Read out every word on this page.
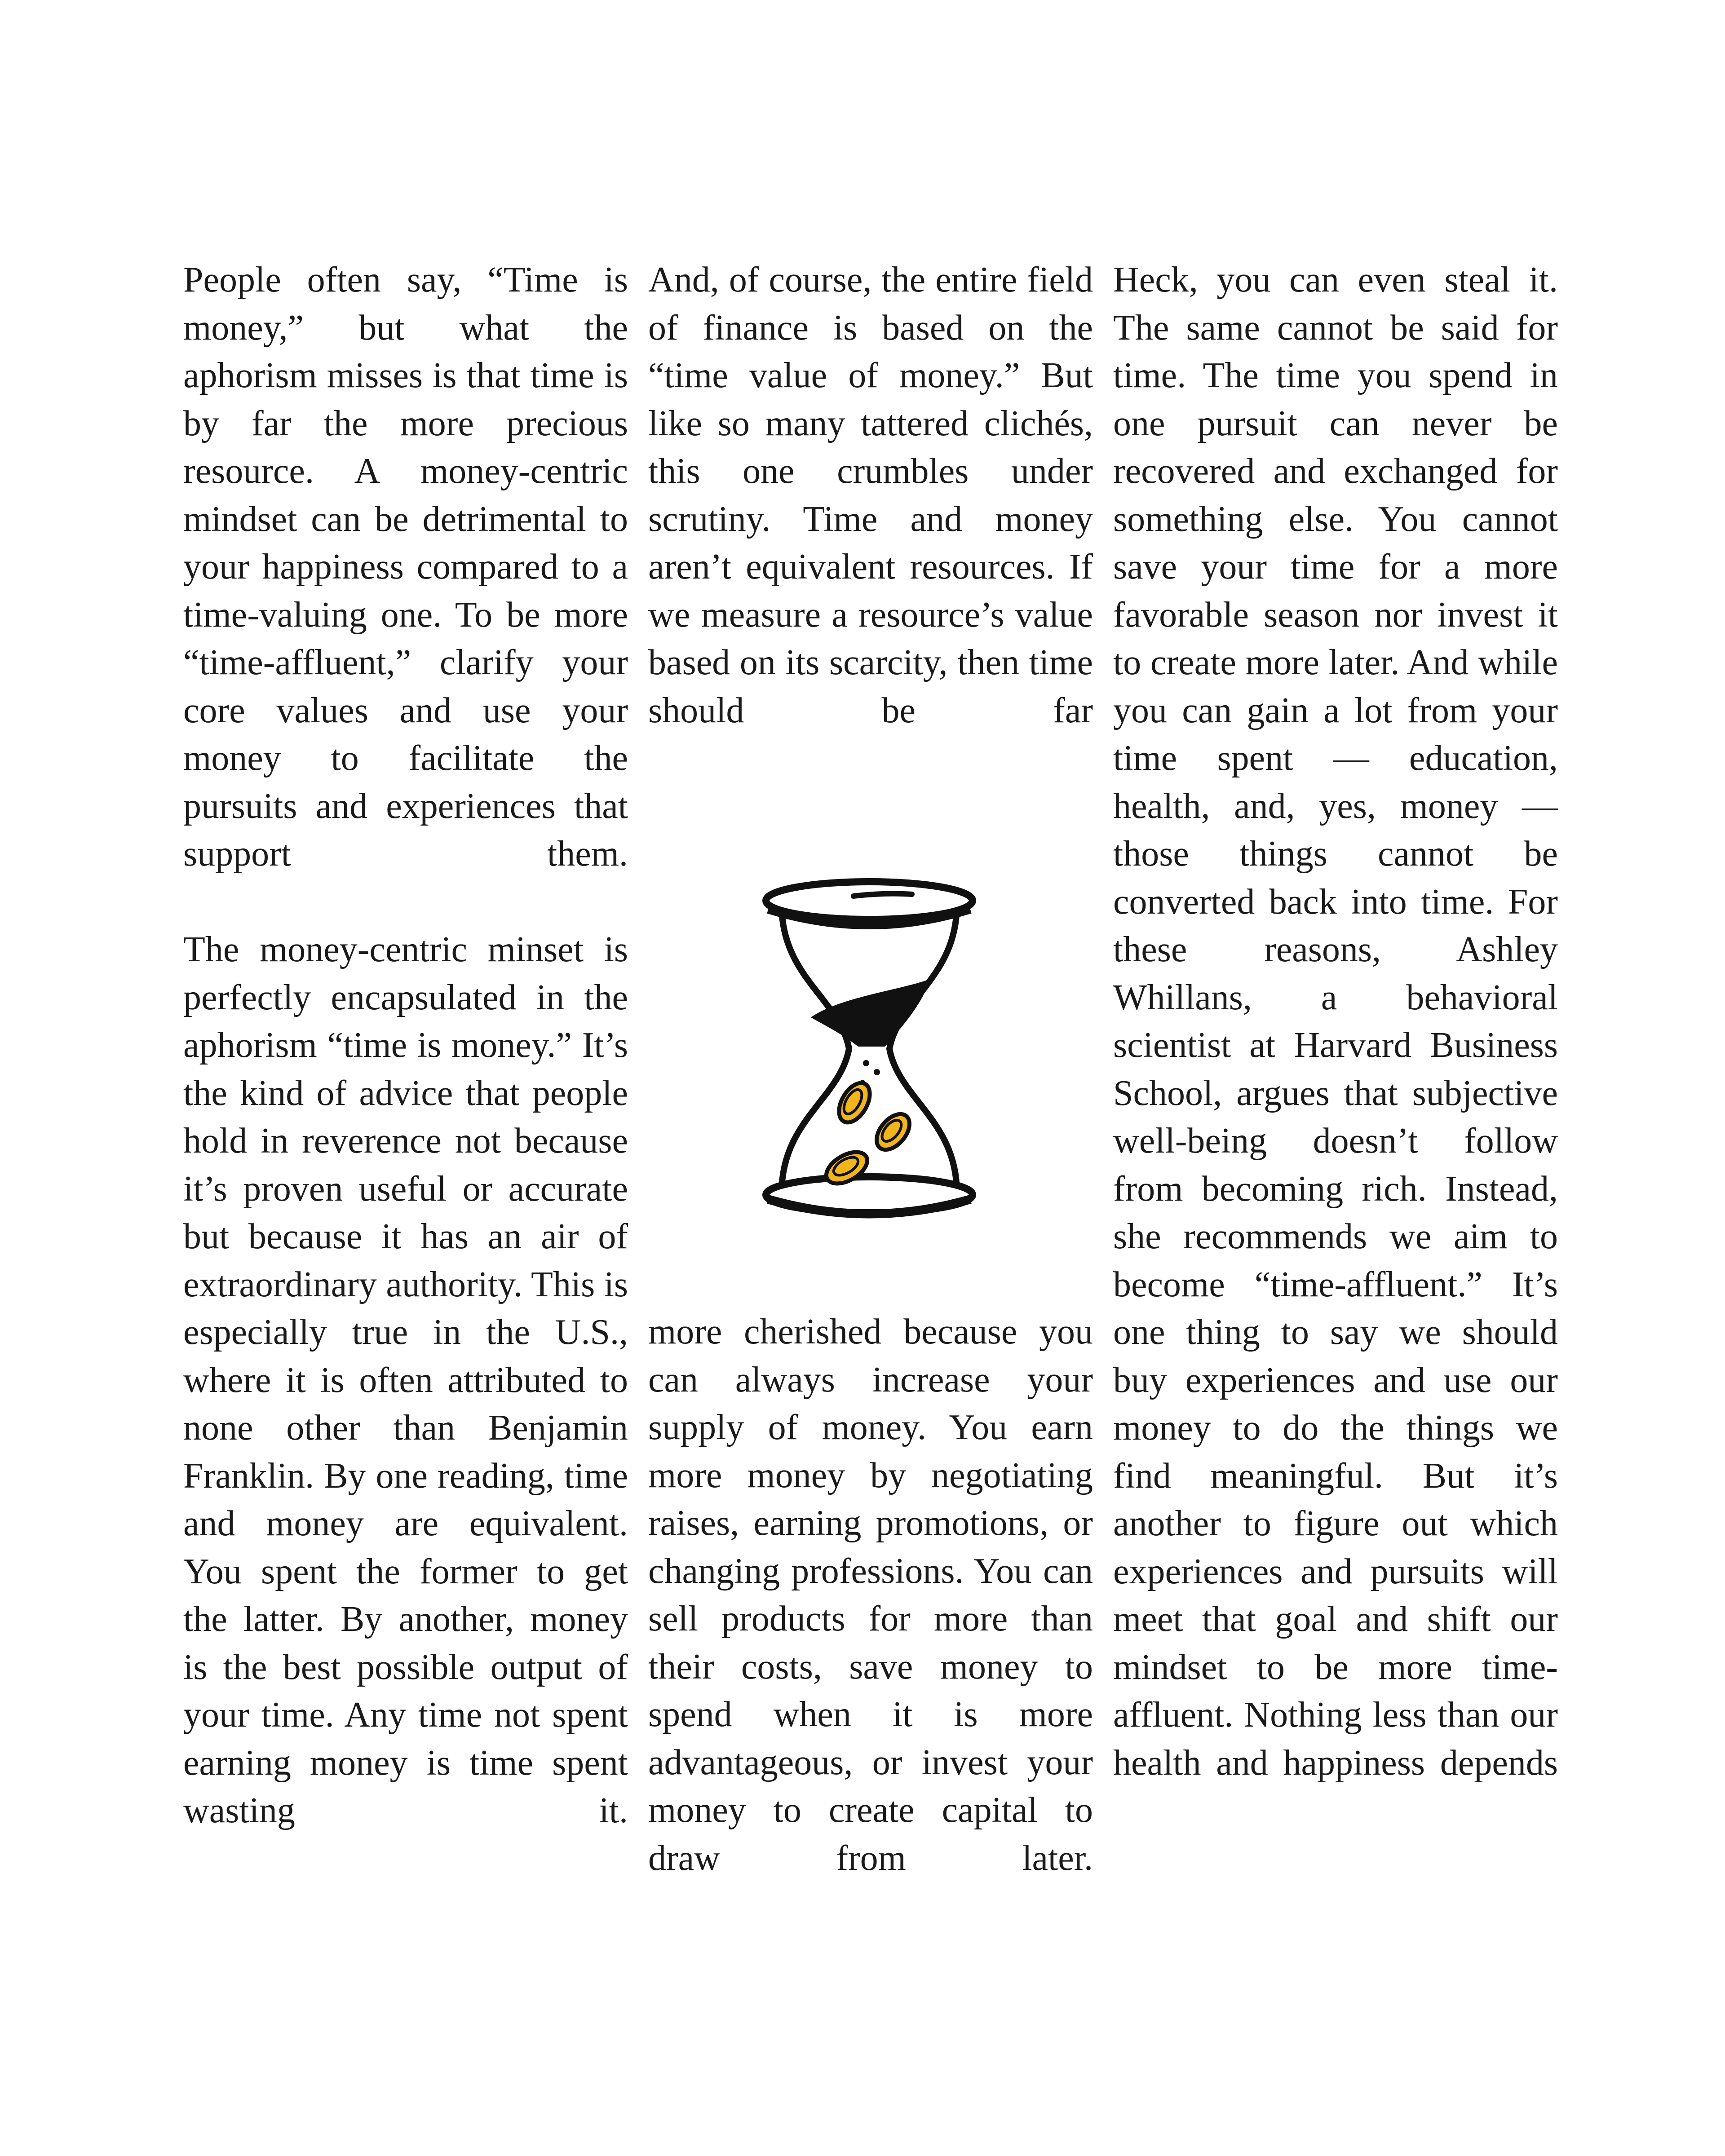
People often say, “Time is money,” but what the aphorism misses is that time is by far the more precious resource. A money-centric mindset can be detrimental to your happiness compared to a time-valuing one. To be more “time-affluent,” clarify your core values and use your money to facilitate the pursuits and experiences that support them.

The money-centric minset is perfectly encapsulated in the aphorism “time is money.” It’s the kind of advice that people hold in reverence not because it’s proven useful or accurate but because it has an air of extraordinary authority. This is especially true in the U.S., where it is often attributed to none other than Benjamin Franklin. By one reading, time and money are equivalent. You spent the former to get the latter. By another, money is the best possible output of your time. Any time not spent earning money is time spent wasting it.

And, of course, the entire field of finance is based on the “time value of money.” But like so many tattered clichés, this one crumbles under scrutiny. Time and money aren’t equivalent resources. If we measure a resource’s value based on its scarcity, then time should be far

more cherished because you can always increase your supply of money. You earn more money by negotiating raises, earning promotions, or changing professions. You can sell products for more than their costs, save money to spend when it is more advantageous, or invest your money to create capital to draw from later.

Heck, you can even steal it. The same cannot be said for time. The time you spend in one pursuit can never be recovered and exchanged for something else. You cannot save your time for a more favorable season nor invest it to create more later. And while you can gain a lot from your time spent — education, health, and, yes, money — those things cannot be converted back into time. For these reasons, Ashley Whillans, a behavioral scientist at Harvard Business School, argues that subjective well-being doesn’t follow from becoming rich. Instead, she recommends we aim to become “time-affluent.” It’s one thing to say we should buy experiences and use our money to do the things we find meaningful. But it’s another to figure out which experiences and pursuits will meet that goal and shift our mindset to be more time-affluent. Nothing less than our health and happiness depends
